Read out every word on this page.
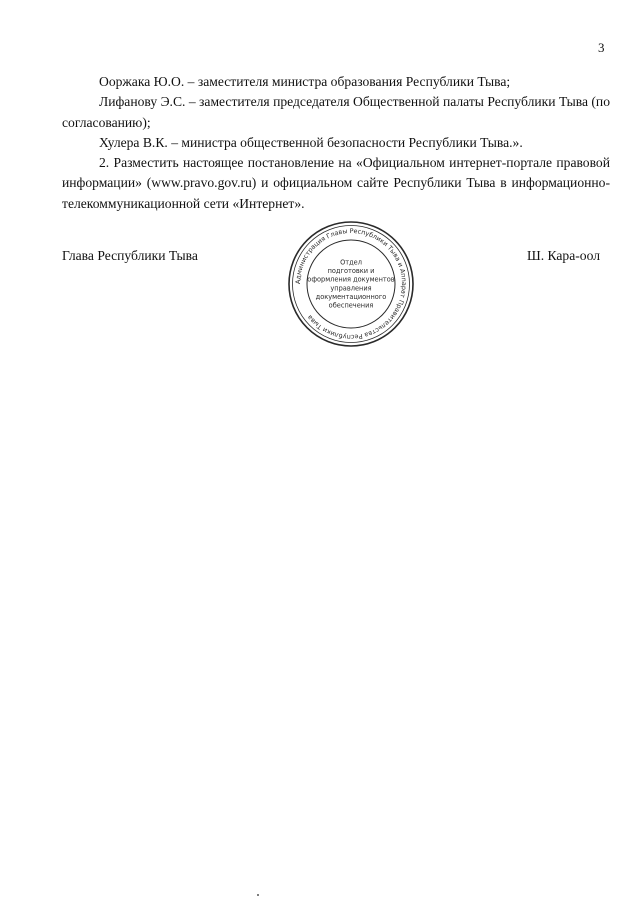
3

Ооржака Ю.О. – заместителя министра образования Республики Тыва;

Лифанову Э.С. – заместителя председателя Общественной палаты Республики Тыва (по согласованию);

Хулера В.К. – министра общественной безопасности Республики Тыва.».

2. Разместить настоящее постановление на «Официальном интернет-портале правовой информации» (www.pravo.gov.ru) и официальном сайте Республики Тыва в информационно-телекоммуникационной сети «Интернет».

Глава Республики Тыва	Ш. Кара-оол
Администрация Главы Республики Тыва и Аппарат Правительства Республики Тыва
Отдел
подготовки и
оформления документов
управления
документационного
обеспечения
